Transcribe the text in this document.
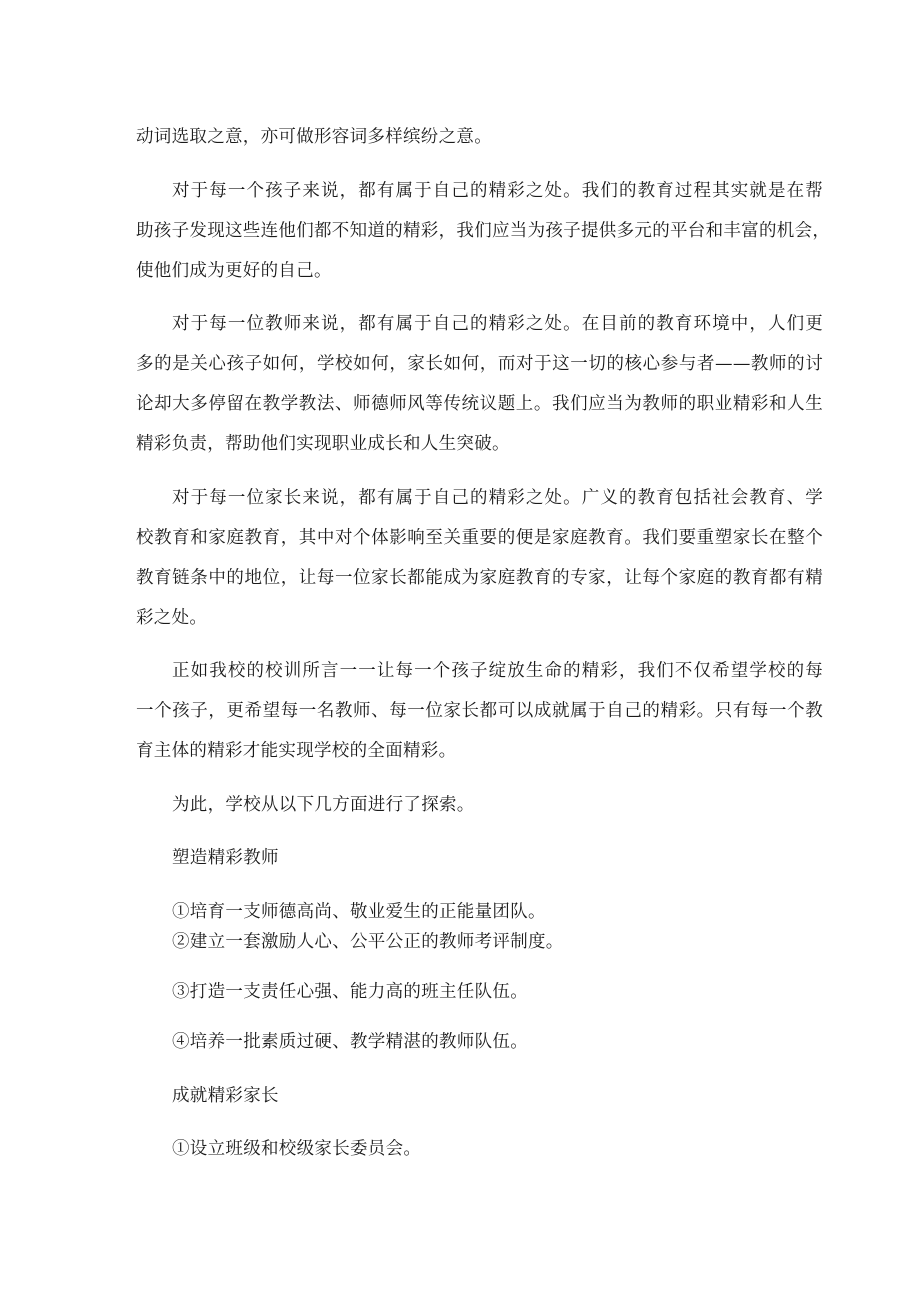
动词选取之意，亦可做形容词多样缤纷之意。
对于每一个孩子来说，都有属于自己的精彩之处。我们的教育过程其实就是在帮
助孩子发现这些连他们都不知道的精彩，我们应当为孩子提供多元的平台和丰富的机会，
使他们成为更好的自己。
对于每一位教师来说，都有属于自己的精彩之处。在目前的教育环境中，人们更
多的是关心孩子如何，学校如何，家长如何，而对于这一切的核心参与者——教师的讨
论却大多停留在教学教法、师德师风等传统议题上。我们应当为教师的职业精彩和人生
精彩负责，帮助他们实现职业成长和人生突破。
对于每一位家长来说，都有属于自己的精彩之处。广义的教育包括社会教育、学
校教育和家庭教育，其中对个体影响至关重要的便是家庭教育。我们要重塑家长在整个
教育链条中的地位，让每一位家长都能成为家庭教育的专家，让每个家庭的教育都有精
彩之处。
正如我校的校训所言一一让每一个孩子绽放生命的精彩，我们不仅希望学校的每
一个孩子，更希望每一名教师、每一位家长都可以成就属于自己的精彩。只有每一个教
育主体的精彩才能实现学校的全面精彩。
为此，学校从以下几方面进行了探索。
塑造精彩教师
①培育一支师德高尚、敬业爱生的正能量团队。
②建立一套激励人心、公平公正的教师考评制度。
③打造一支责任心强、能力高的班主任队伍。
④培养一批素质过硬、教学精湛的教师队伍。
成就精彩家长
①设立班级和校级家长委员会。
